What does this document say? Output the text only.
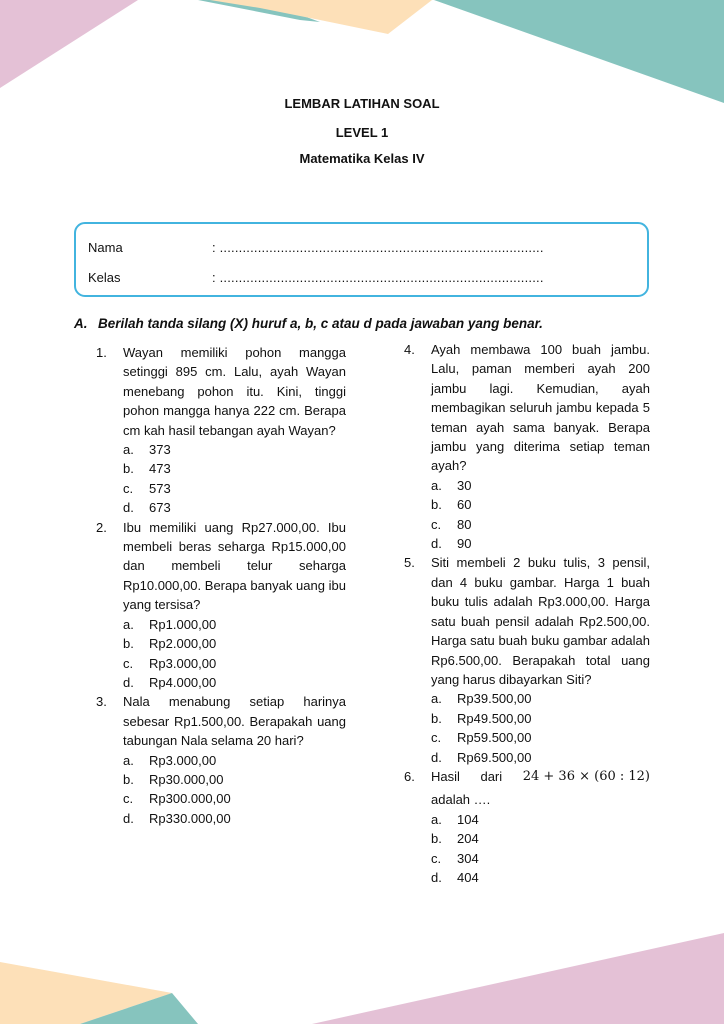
LEMBAR LATIHAN SOAL
LEVEL 1
Matematika Kelas IV
Nama	: .....................................................................................
Kelas	: .....................................................................................
A. Berilah tanda silang (X) huruf a, b, c atau d pada jawaban yang benar.
1. Wayan memiliki pohon mangga setinggi 895 cm. Lalu, ayah Wayan menebang pohon itu. Kini, tinggi pohon mangga hanya 222 cm. Berapa cm kah hasil tebangan ayah Wayan?
a. 373
b. 473
c. 573
d. 673
2. Ibu memiliki uang Rp27.000,00. Ibu membeli beras seharga Rp15.000,00 dan membeli telur seharga Rp10.000,00. Berapa banyak uang ibu yang tersisa?
a. Rp1.000,00
b. Rp2.000,00
c. Rp3.000,00
d. Rp4.000,00
3. Nala menabung setiap harinya sebesar Rp1.500,00. Berapakah uang tabungan Nala selama 20 hari?
a. Rp3.000,00
b. Rp30.000,00
c. Rp300.000,00
d. Rp330.000,00
4. Ayah membawa 100 buah jambu. Lalu, paman memberi ayah 200 jambu lagi. Kemudian, ayah membagikan seluruh jambu kepada 5 teman ayah sama banyak. Berapa jambu yang diterima setiap teman ayah?
a. 30
b. 60
c. 80
d. 90
5. Siti membeli 2 buku tulis, 3 pensil, dan 4 buku gambar. Harga 1 buah buku tulis adalah Rp3.000,00. Harga satu buah pensil adalah Rp2.500,00. Harga satu buah buku gambar adalah Rp6.500,00. Berapakah total uang yang harus dibayarkan Siti?
a. Rp39.500,00
b. Rp49.500,00
c. Rp59.500,00
d. Rp69.500,00
6. Hasil dari 24 + 36 × (60 : 12)
adalah ….
a. 104
b. 204
c. 304
d. 404
